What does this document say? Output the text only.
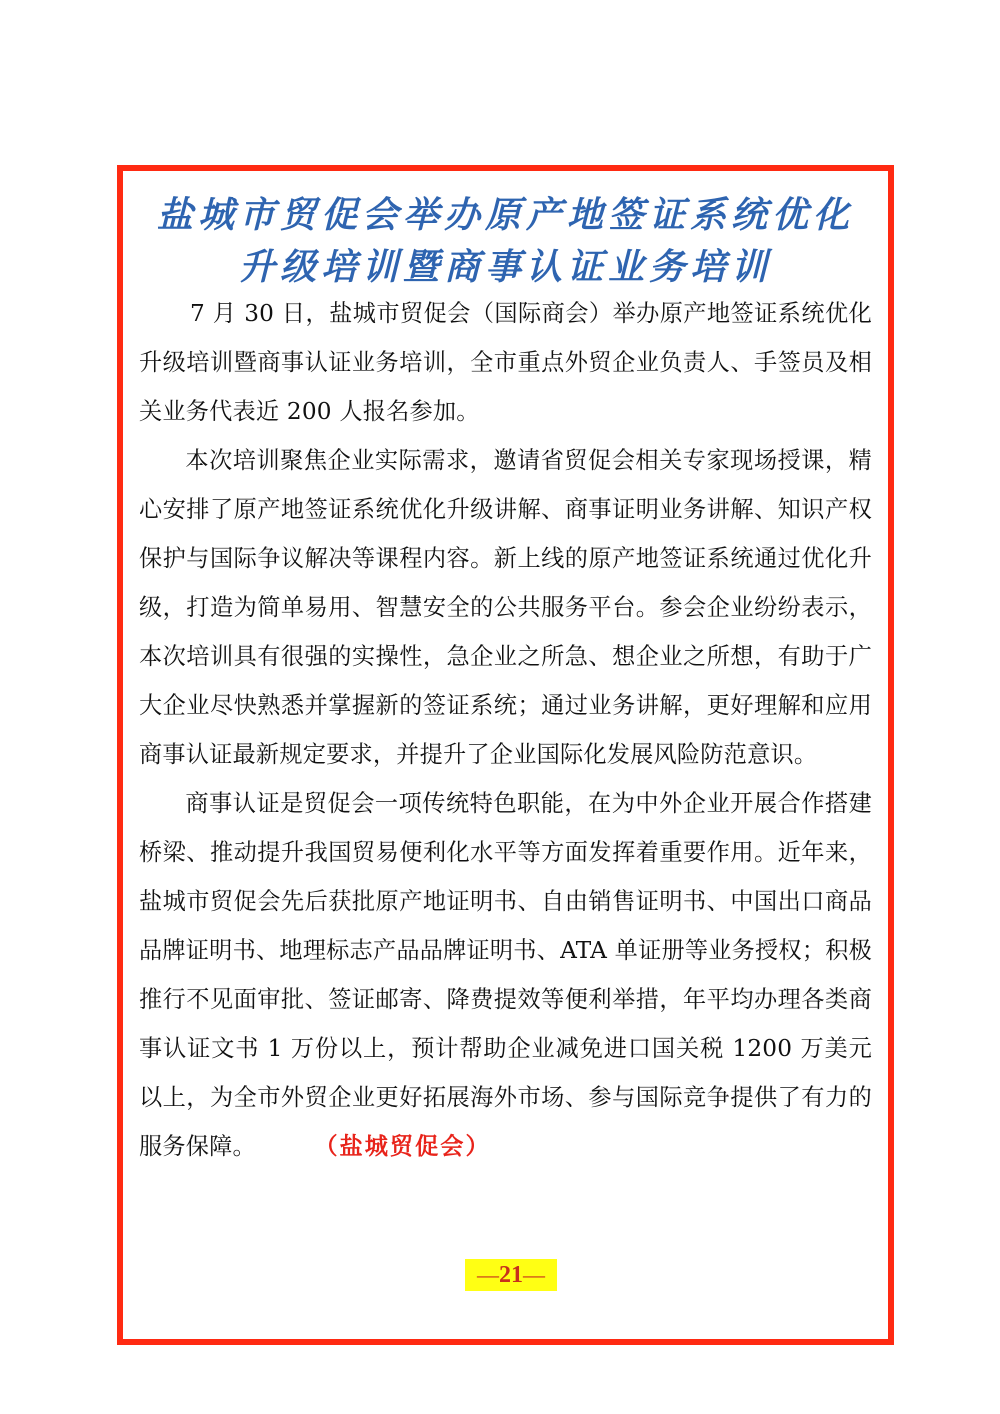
盐城市贸促会举办原产地签证系统优化
升级培训暨商事认证业务培训

7 月 30 日，盐城市贸促会（国际商会）举办原产地签证系统优化升级培训暨商事认证业务培训，全市重点外贸企业负责人、手签员及相关业务代表近 200 人报名参加。

本次培训聚焦企业实际需求，邀请省贸促会相关专家现场授课，精心安排了原产地签证系统优化升级讲解、商事证明业务讲解、知识产权保护与国际争议解决等课程内容。新上线的原产地签证系统通过优化升级，打造为简单易用、智慧安全的公共服务平台。参会企业纷纷表示，本次培训具有很强的实操性，急企业之所急、想企业之所想，有助于广大企业尽快熟悉并掌握新的签证系统；通过业务讲解，更好理解和应用商事认证最新规定要求，并提升了企业国际化发展风险防范意识。

商事认证是贸促会一项传统特色职能，在为中外企业开展合作搭建桥梁、推动提升我国贸易便利化水平等方面发挥着重要作用。近年来，盐城市贸促会先后获批原产地证明书、自由销售证明书、中国出口商品品牌证明书、地理标志产品品牌证明书、ATA 单证册等业务授权；积极推行不见面审批、签证邮寄、降费提效等便利举措，年平均办理各类商事认证文书 1 万份以上，预计帮助企业减免进口国关税 1200 万美元以上，为全市外贸企业更好拓展海外市场、参与国际竞争提供了有力的服务保障。	（盐城贸促会）

— 21 —
